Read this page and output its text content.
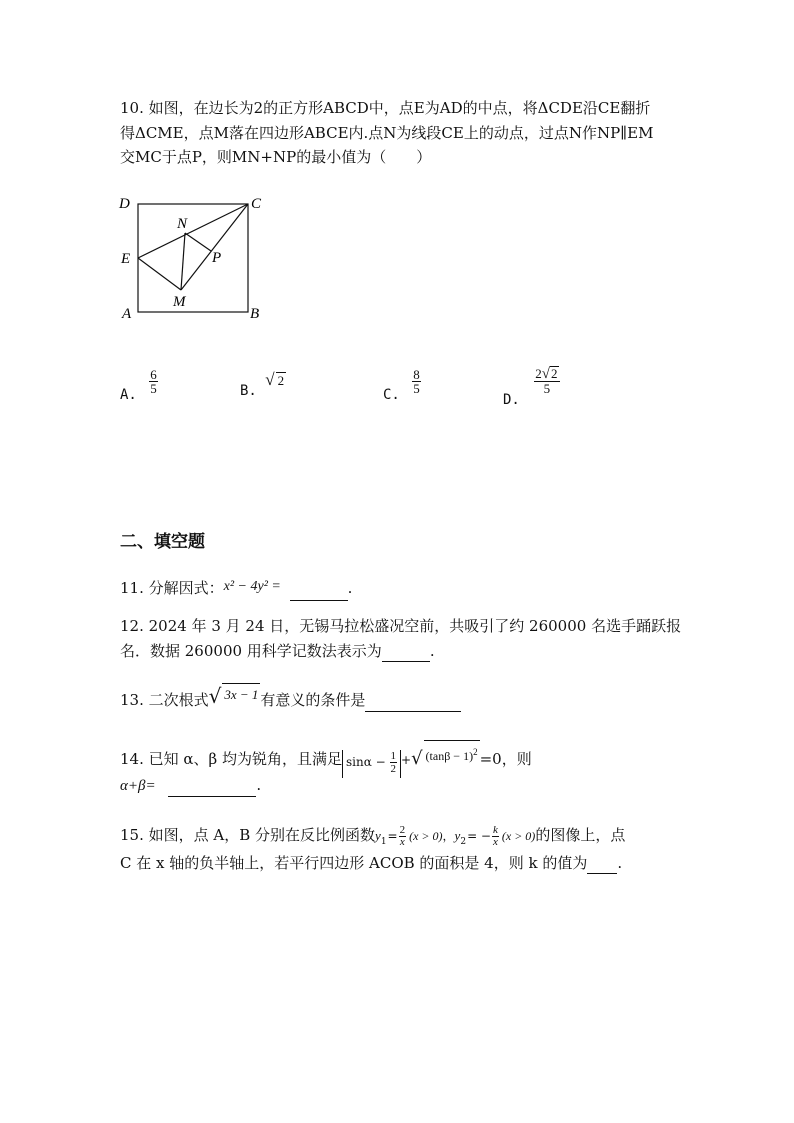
10. 如图，在边长为2的正方形ABCD中，点E为AD的中点，将ΔCDE沿CE翻折
得ΔCME，点M落在四边形ABCE内.点N为线段CE上的动点，过点N作NP∥EM
交MC于点P，则MN+NP的最小值为（　　）
D	C
E
N
P
M
A	B
A. $\frac{6}{5}$	B. √ 2
C. $\frac{8}{5}$
D.
$\frac{2√2}{5}$
二、填空题
11. 分解因式：x² − 4y² =	.
12. 2024 年 3 月 24 日，无锡马拉松盛况空前，共吸引了约 260000 名选手踊跃报
名．数据 260000 用科学记数法表示为	.
13. 二次根式√ 3x − 1 有意义的条件是
14. 已知 α、β 均为锐角，且满足 $\sin\alpha - \frac{1}{2}$ +√ $(\tan\beta - 1)^2 =0$，则
α+β=	.
15. 如图，点 A，B 分别在反比例函数$y_1= \frac{2}{x} (x > 0)$，$y_2= - \frac{k}{x} (x > 0)$的图像上，点
C 在 x 轴的负半轴上，若平行四边形 ACOB 的面积是 4，则 k 的值为 .
